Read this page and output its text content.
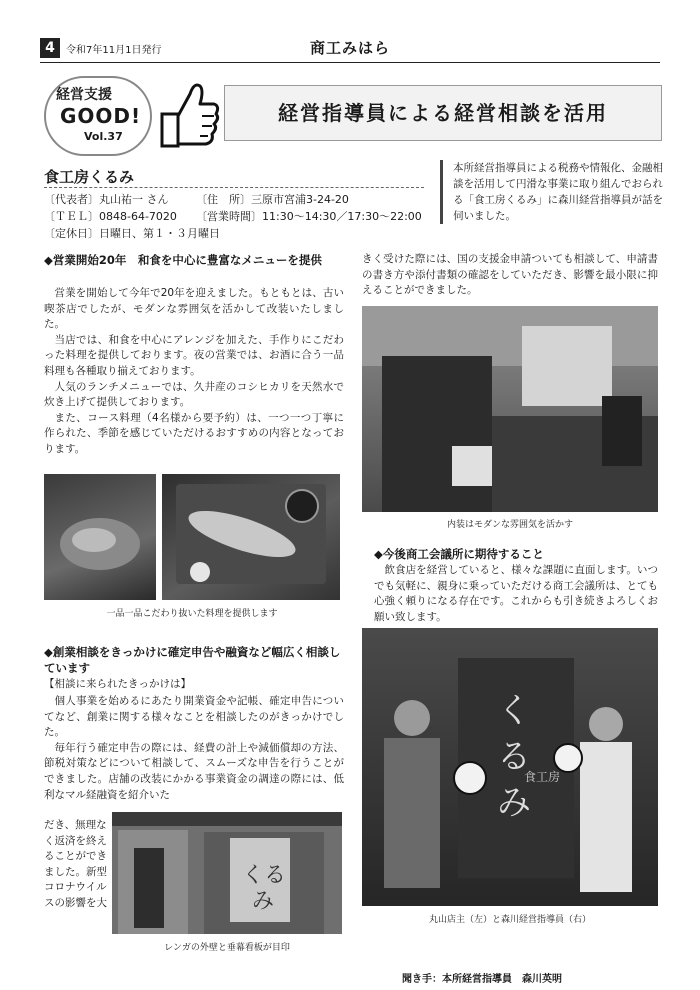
4	令和7年11月1日発行	商工みはら
経営支援
GOOD!
Vol.37
経営指導員による経営相談を活用
食工房くるみ
〔代表者〕丸山祐一 さん	〔住　所〕三原市宮浦3-24-20
〔ＴＥＬ〕0848-64-7020 〔営業時間〕11:30～14:30／17:30～22:00
〔定休日〕日曜日、第１・３月曜日
本所経営指導員による税務や情報化、金融相談を活用して円滑な事業に取り組んでおられる「食工房くるみ」に森川経営指導員が話を伺いました。
◆営業開始20年　和食を中心に豊富なメニューを提供

営業を開始して今年で20年を迎えました。もともとは、古い喫茶店でしたが、モダンな雰囲気を活かして改装いたしました。

当店では、和食を中心にアレンジを加えた、手作りにこだわった料理を提供しております。夜の営業では、お酒に合う一品料理も各種取り揃えております。

人気のランチメニューでは、久井産のコシヒカリを天然水で炊き上げて提供しております。

また、コース料理（4名様から要予約）は、一つ一つ丁寧に作られた、季節を感じていただけるおすすめの内容となっております。

一品一品こだわり抜いた料理を提供します
◆創業相談をきっかけに確定申告や融資など幅広く相談しています
【相談に来られたきっかけは】

個人事業を始めるにあたり開業資金や記帳、確定申告についてなど、創業に関する様々なことを相談したのがきっかけでした。

毎年行う確定申告の際には、経費の計上や減価償却の方法、節税対策などについて相談して、スムーズな申告を行うことができました。店舗の改装にかかる事業資金の調達の際には、低利なマル経融資を紹介いた

だき、無理なく返済を終えることができました。新型コロナウイルスの影響を大
くる
み
レンガの外壁と垂幕看板が目印
きく受けた際には、国の支援金申請ついても相談して、申請書の書き方や添付書類の確認をしていただき、影響を最小限に抑えることができました。
内装はモダンな雰囲気を活かす
◆今後商工会議所に期待すること
飲食店を経営していると、様々な課題に直面します。いつでも気軽に、親身に乗っていただける商工会議所は、とても心強く頼りになる存在です。これからも引き続きよろしくお願い致します。
くるみ
食工房
丸山店主（左）と森川経営指導員（右）
聞き手：本所経営指導員　森川英明
